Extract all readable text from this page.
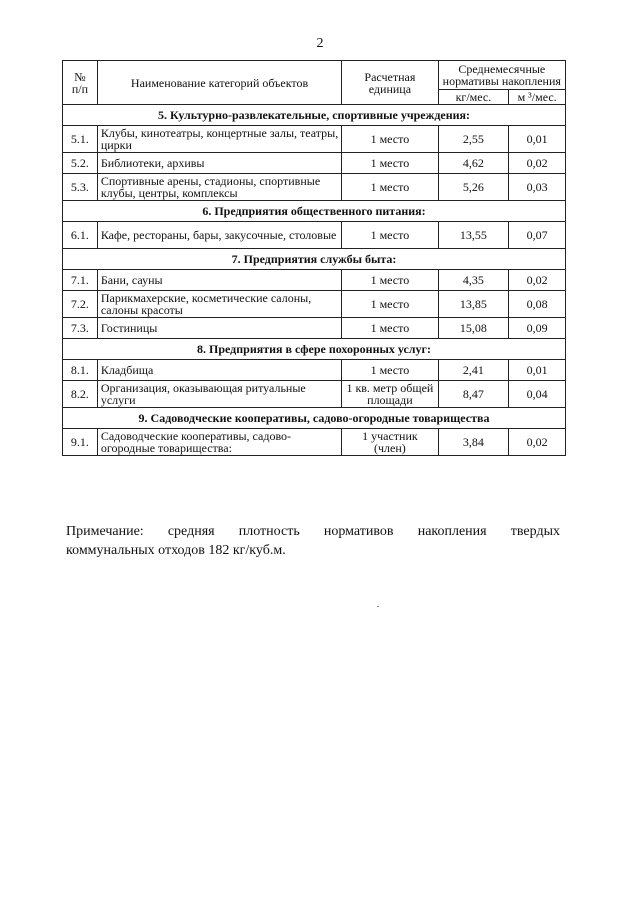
2
№
п/п	Наименование категорий объектов	Расчетная единица	Среднемесячные нормативы накопления	
			кг/мес.	м ³/мес.
5. Культурно-развлекательные, спортивные учреждения:				
5.1.	Клубы, кинотеатры, концертные залы, театры, цирки	1 место	2,55	0,01
5.2.	Библиотеки, архивы	1 место	4,62	0,02
5.3.	Спортивные арены, стадионы, спортивные клубы, центры, комплексы	1 место	5,26	0,03
6. Предприятия общественного питания:				
6.1.	Кафе, рестораны, бары, закусочные, столовые	1 место	13,55	0,07
7. Предприятия службы быта:				
7.1.	Бани, сауны	1 место	4,35	0,02
7.2.	Парикмахерские, косметические салоны, салоны красоты	1 место	13,85	0,08
7.3.	Гостиницы	1 место	15,08	0,09
8. Предприятия в сфере похоронных услуг:				
8.1.	Кладбища	1 место	2,41	0,01
8.2.	Организация, оказывающая ритуальные услуги	1 кв. метр общей площади	8,47	0,04
9. Садоводческие кооперативы, садово-огородные товарищества				
9.1.	Садоводческие кооперативы, садово-огородные товарищества:	1 участник (член)	3,84	0,02
Примечание: средняя плотность нормативов накопления твердых
коммунальных отходов 182 кг/куб.м.
